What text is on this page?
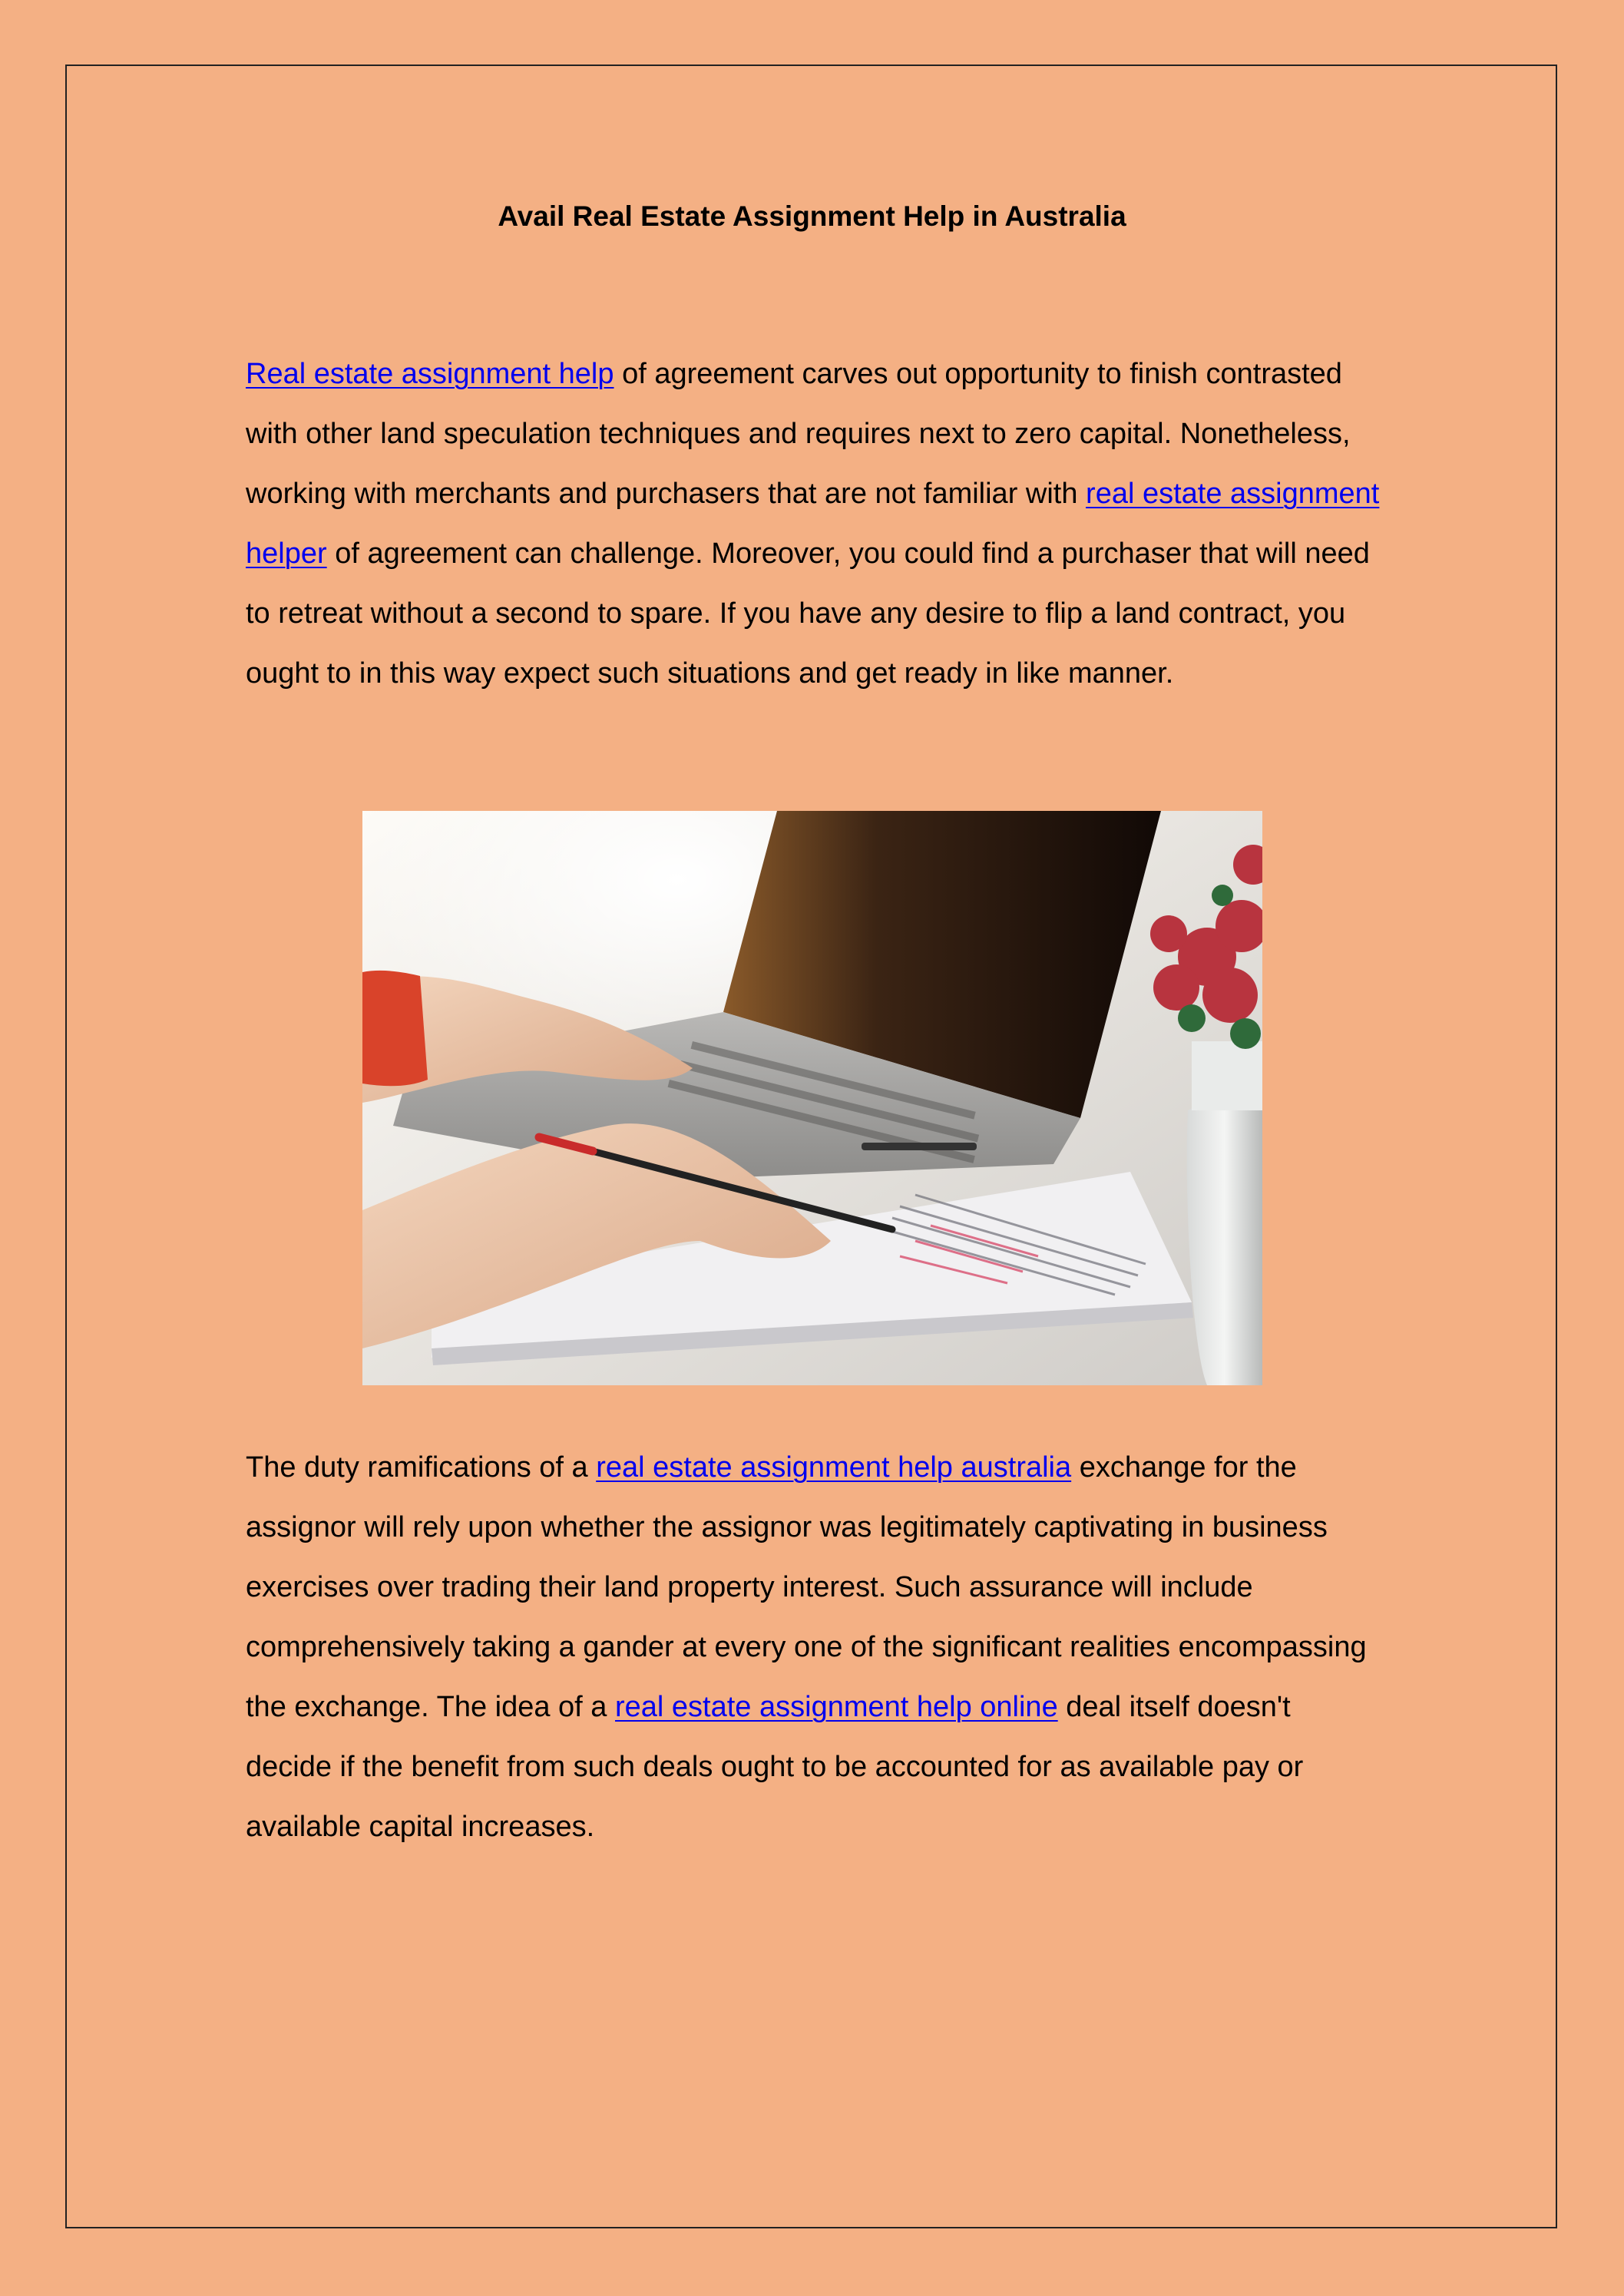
Avail Real Estate Assignment Help in Australia

Real estate assignment help of agreement carves out opportunity to finish contrasted with other land speculation techniques and requires next to zero capital. Nonetheless, working with merchants and purchasers that are not familiar with real estate assignment helper of agreement can challenge. Moreover, you could find a purchaser that will need to retreat without a second to spare. If you have any desire to flip a land contract, you ought to in this way expect such situations and get ready in like manner.

The duty ramifications of a real estate assignment help australia exchange for the assignor will rely upon whether the assignor was legitimately captivating in business exercises over trading their land property interest. Such assurance will include comprehensively taking a gander at every one of the significant realities encompassing the exchange. The idea of a real estate assignment help online deal itself doesn't decide if the benefit from such deals ought to be accounted for as available pay or available capital increases.
